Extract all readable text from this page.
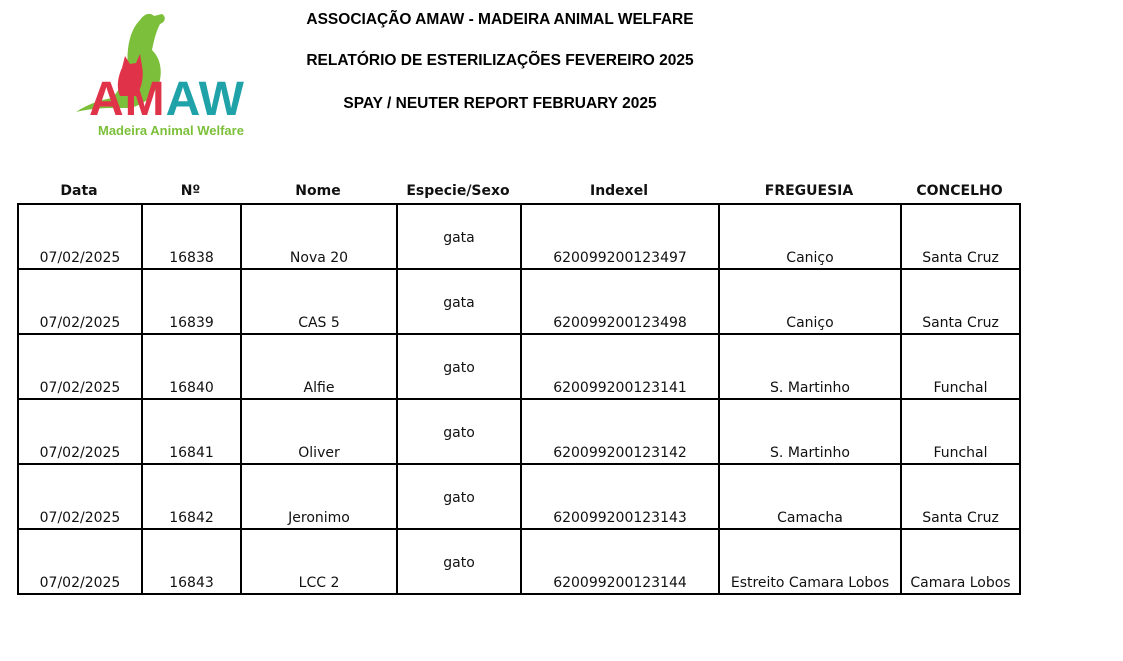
AMAW
Madeira Animal Welfare
ASSOCIAÇÃO AMAW - MADEIRA ANIMAL WELFARE
RELATÓRIO DE ESTERILIZAÇÕES FEVEREIRO 2025
SPAY / NEUTER REPORT FEBRUARY 2025
Data	Nº	Nome	Especie/Sexo	Indexel	FREGUESIA	CONCELHO
07/02/2025	16838	Nova 20	gata	620099200123497	Caniço	Santa Cruz

07/02/2025	16839	CAS 5	gata	620099200123498	Caniço	Santa Cruz

07/02/2025	16840	Alfie	gato	620099200123141	S. Martinho	Funchal

07/02/2025	16841	Oliver	gato	620099200123142	S. Martinho	Funchal

07/02/2025	16842	Jeronimo	gato	620099200123143	Camacha	Santa Cruz

07/02/2025	16843	LCC 2	gato	620099200123144	Estreito Camara Lobos	Camara Lobos
